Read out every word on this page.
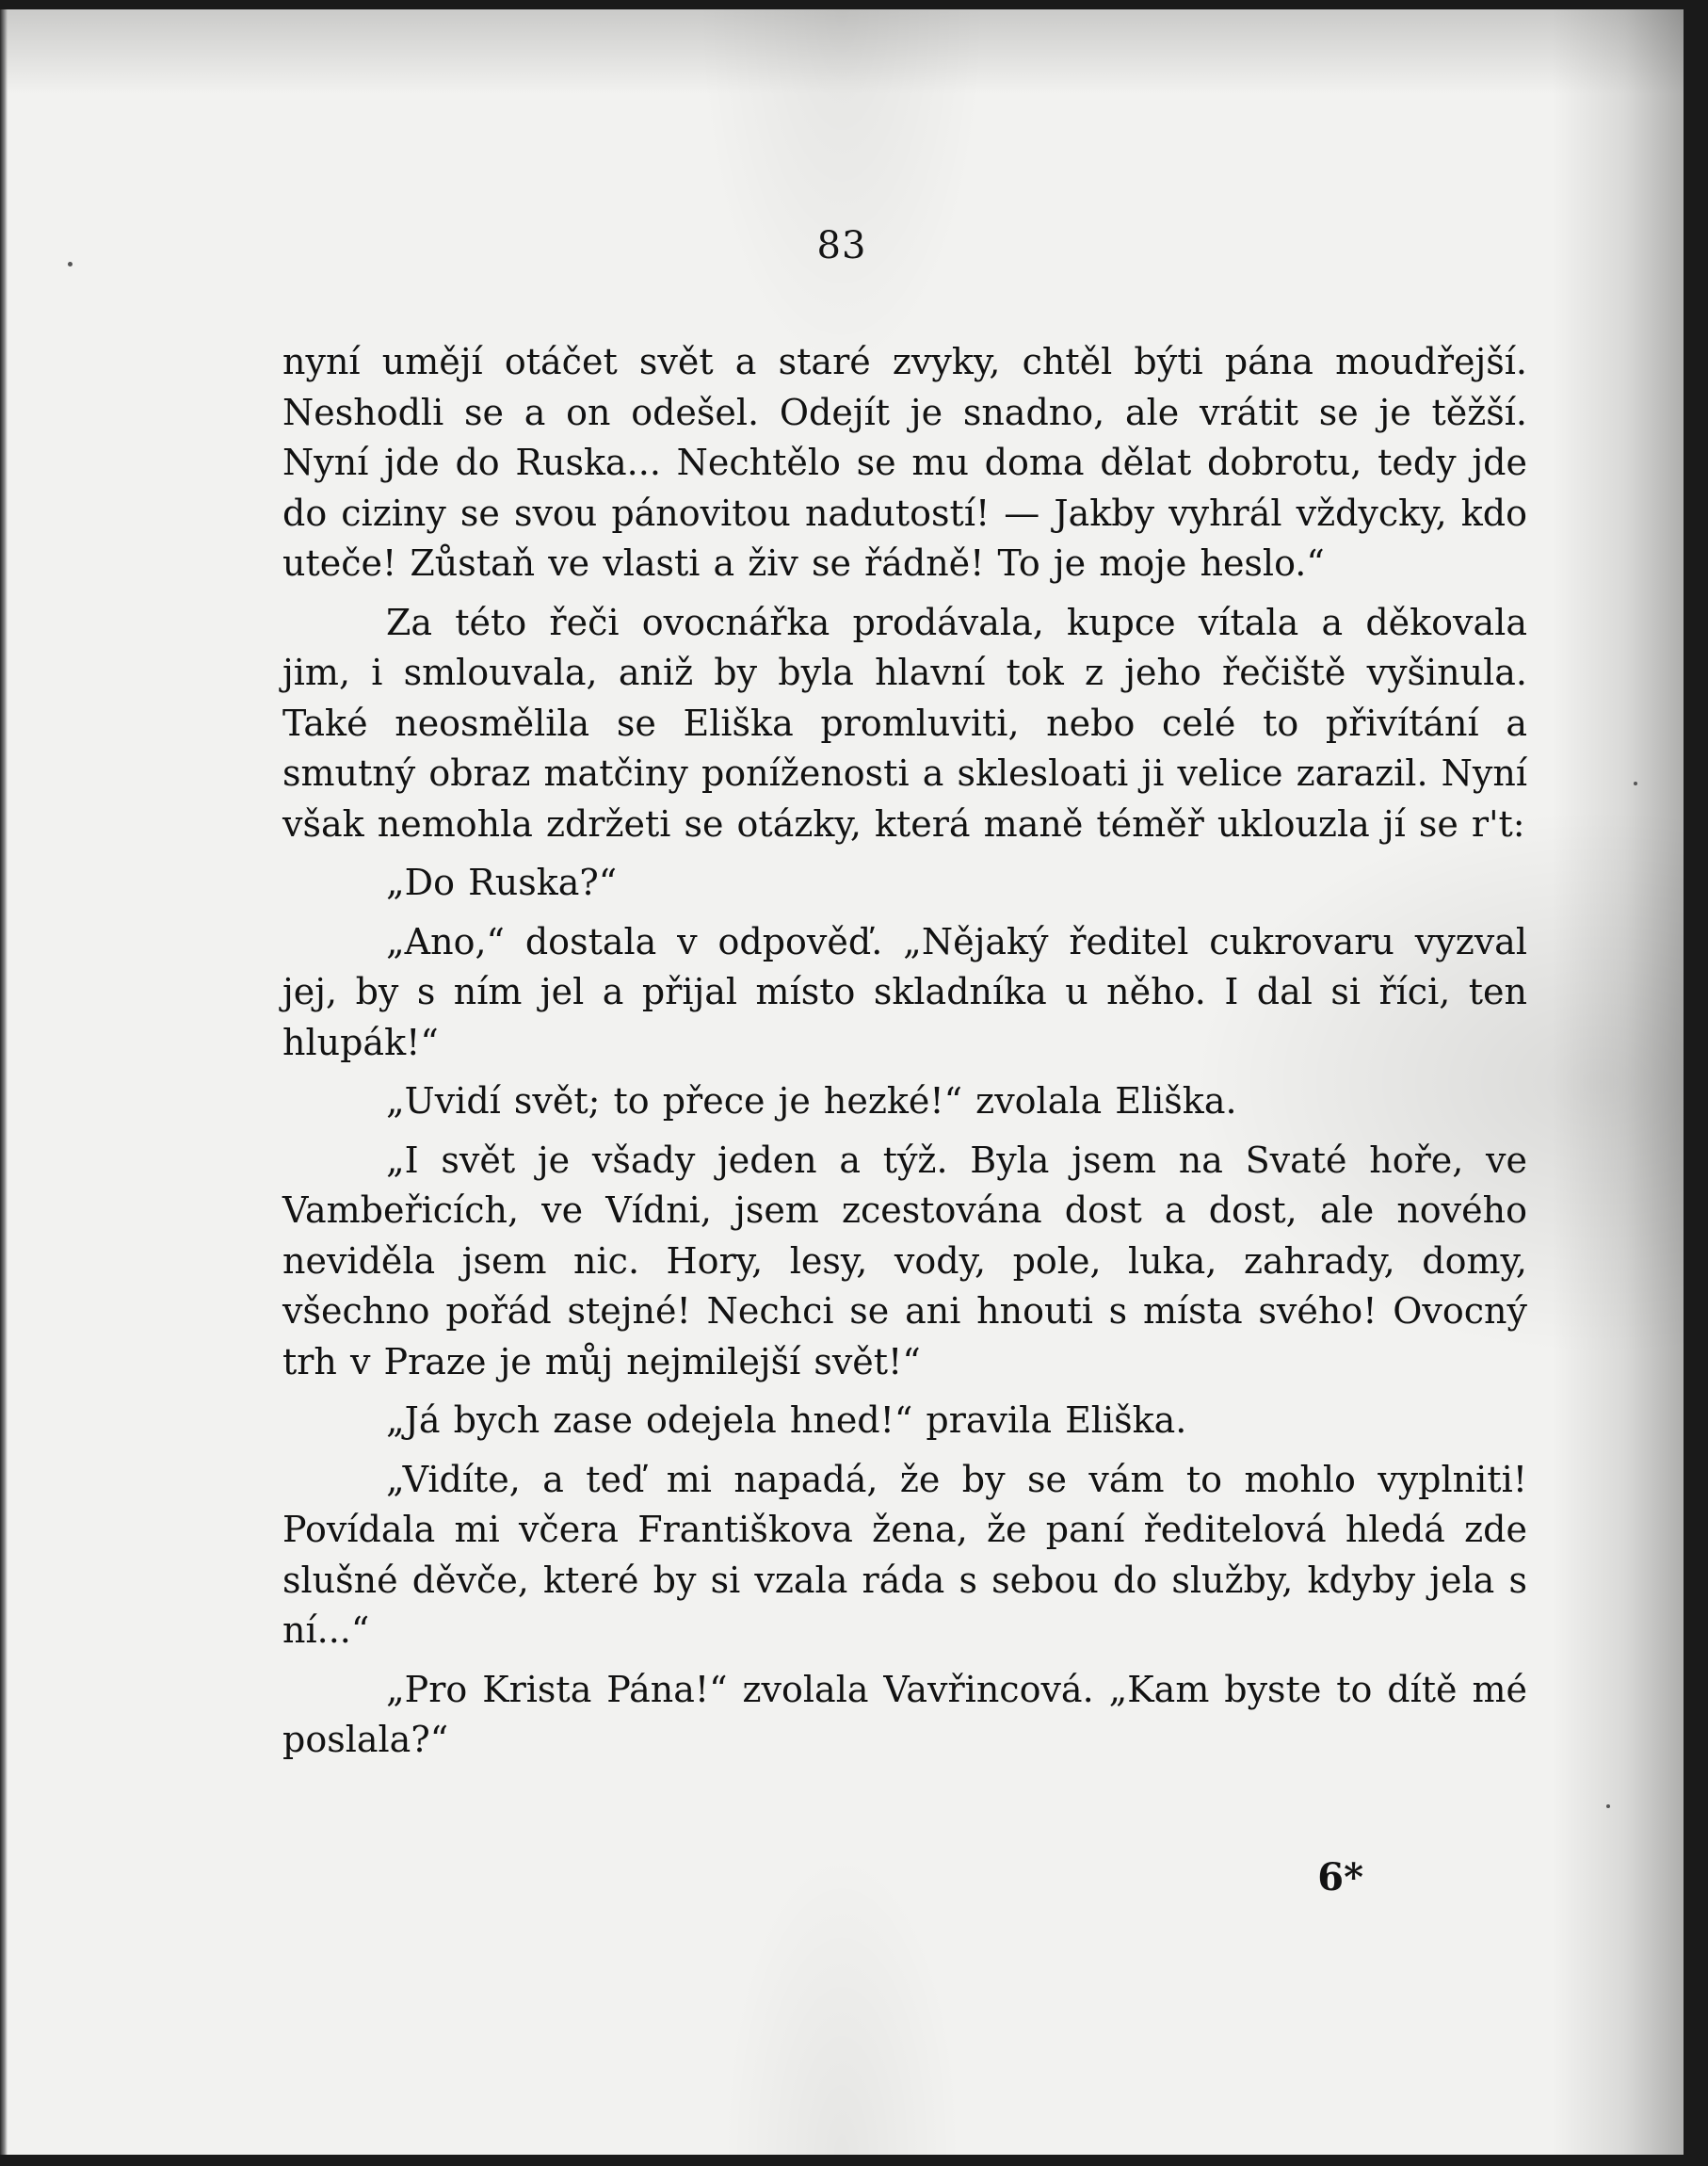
83

nyní umějí otáčet svět a staré zvyky, chtěl býti pána moudřejší. Neshodli se a on odešel. Odejít je snadno, ale vrátit se je těžší. Nyní jde do Ruska... Nechtělo se mu doma dělat dobrotu, tedy jde do ciziny se svou pánovitou nadutostí! — Jakby vyhrál vždycky, kdo uteče! Zůstaň ve vlasti a živ se řádně! To je moje heslo.“

Za této řeči ovocnářka prodávala, kupce vítala a děkovala jim, i smlouvala, aniž by byla hlavní tok z jeho řečiště vyšinula. Také neosmělila se Eliška promluviti, nebo celé to přivítání a smutný obraz matčiny poníženosti a sklesloati ji velice zarazil. Nyní však nemohla zdržeti se otázky, která maně téměř uklouzla jí se r't:

„Do Ruska?“

„Ano,“ dostala v odpověď. „Nějaký ředitel cukrovaru vyzval jej, by s ním jel a přijal místo skladníka u něho. I dal si říci, ten hlupák!“

„Uvidí svět; to přece je hezké!“ zvolala Eliška.

„I svět je všady jeden a týž. Byla jsem na Svaté hoře, ve Vambeřicích, ve Vídni, jsem zcestována dost a dost, ale nového neviděla jsem nic. Hory, lesy, vody, pole, luka, zahrady, domy, všechno pořád stejné! Nechci se ani hnouti s místa svého! Ovocný trh v Praze je můj nejmilejší svět!“

„Já bych zase odejela hned!“ pravila Eliška.

„Vidíte, a teď mi napadá, že by se vám to mohlo vyplniti! Povídala mi včera Františkova žena, že paní ředitelová hledá zde slušné děvče, které by si vzala ráda s sebou do služby, kdyby jela s ní...“

„Pro Krista Pána!“ zvolala Vavřincová. „Kam byste to dítě mé poslala?“

6*
